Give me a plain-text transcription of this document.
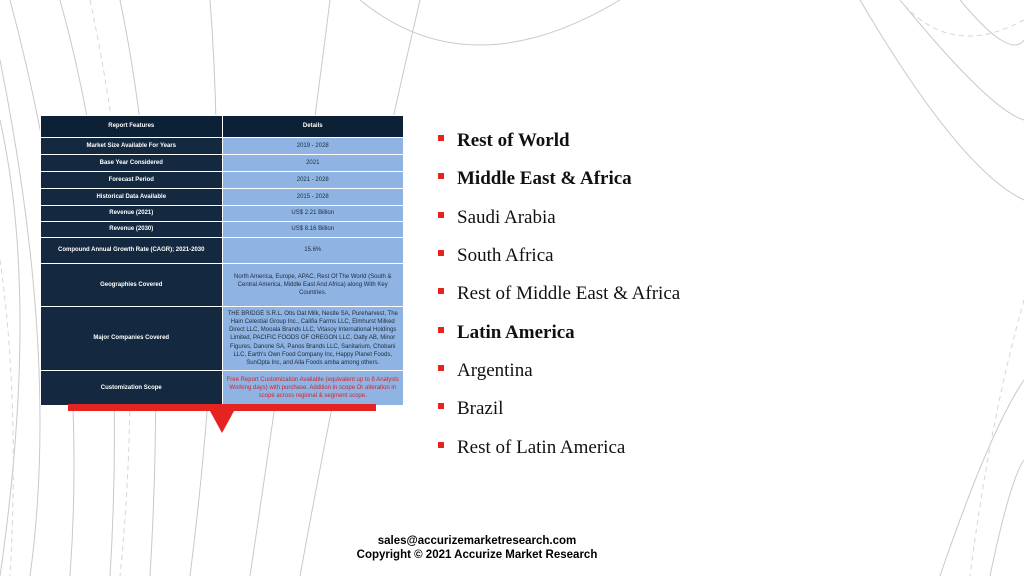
Report Features	Details
Market Size Available For Years	2019 - 2028
Base Year Considered	2021
Forecast Period	2021 - 2028
Historical Data Available	2015 - 2028
Revenue (2021)	US$ 2.21 Billion
Revenue (2030)	US$ 8.16 Billion
Compound Annual Growth Rate (CAGR); 2021-2030	15.6%
Geographies Covered	North America, Europe, APAC, Rest Of The World (South & Central America, Middle East And Africa) along With Key Countries.
Major Companies Covered	THE BRIDGE S.R.L, Otis Oat Milk, Nestle SA, Pureharvest, The Hain Celestial Group Inc., Califia Farms LLC, Elmhurst Milked Direct LLC, Mooala Brands LLC, Vitasoy International Holdings Limited, PACIFIC FOODS OF OREGON LLC, Oatly AB, Minor Figures, Danone SA, Panos Brands LLC, Sanitarium, Chobani LLC, Earth's Own Food Company Inc, Happy Planet Foods, SunOpta Inc, and Alla Foods amba among others.
Customization Scope	Free Report Customization Available (equivalent up to 8 Analysts Working days) with purchase. Addition in scope Or alteration in scope across regional & segment scope.
Rest of World
Middle East & Africa
Saudi Arabia
South Africa
Rest of Middle East & Africa
Latin America
Argentina
Brazil
Rest of Latin America
sales@accurizemarketresearch.com
Copyright © 2021 Accurize Market Research
